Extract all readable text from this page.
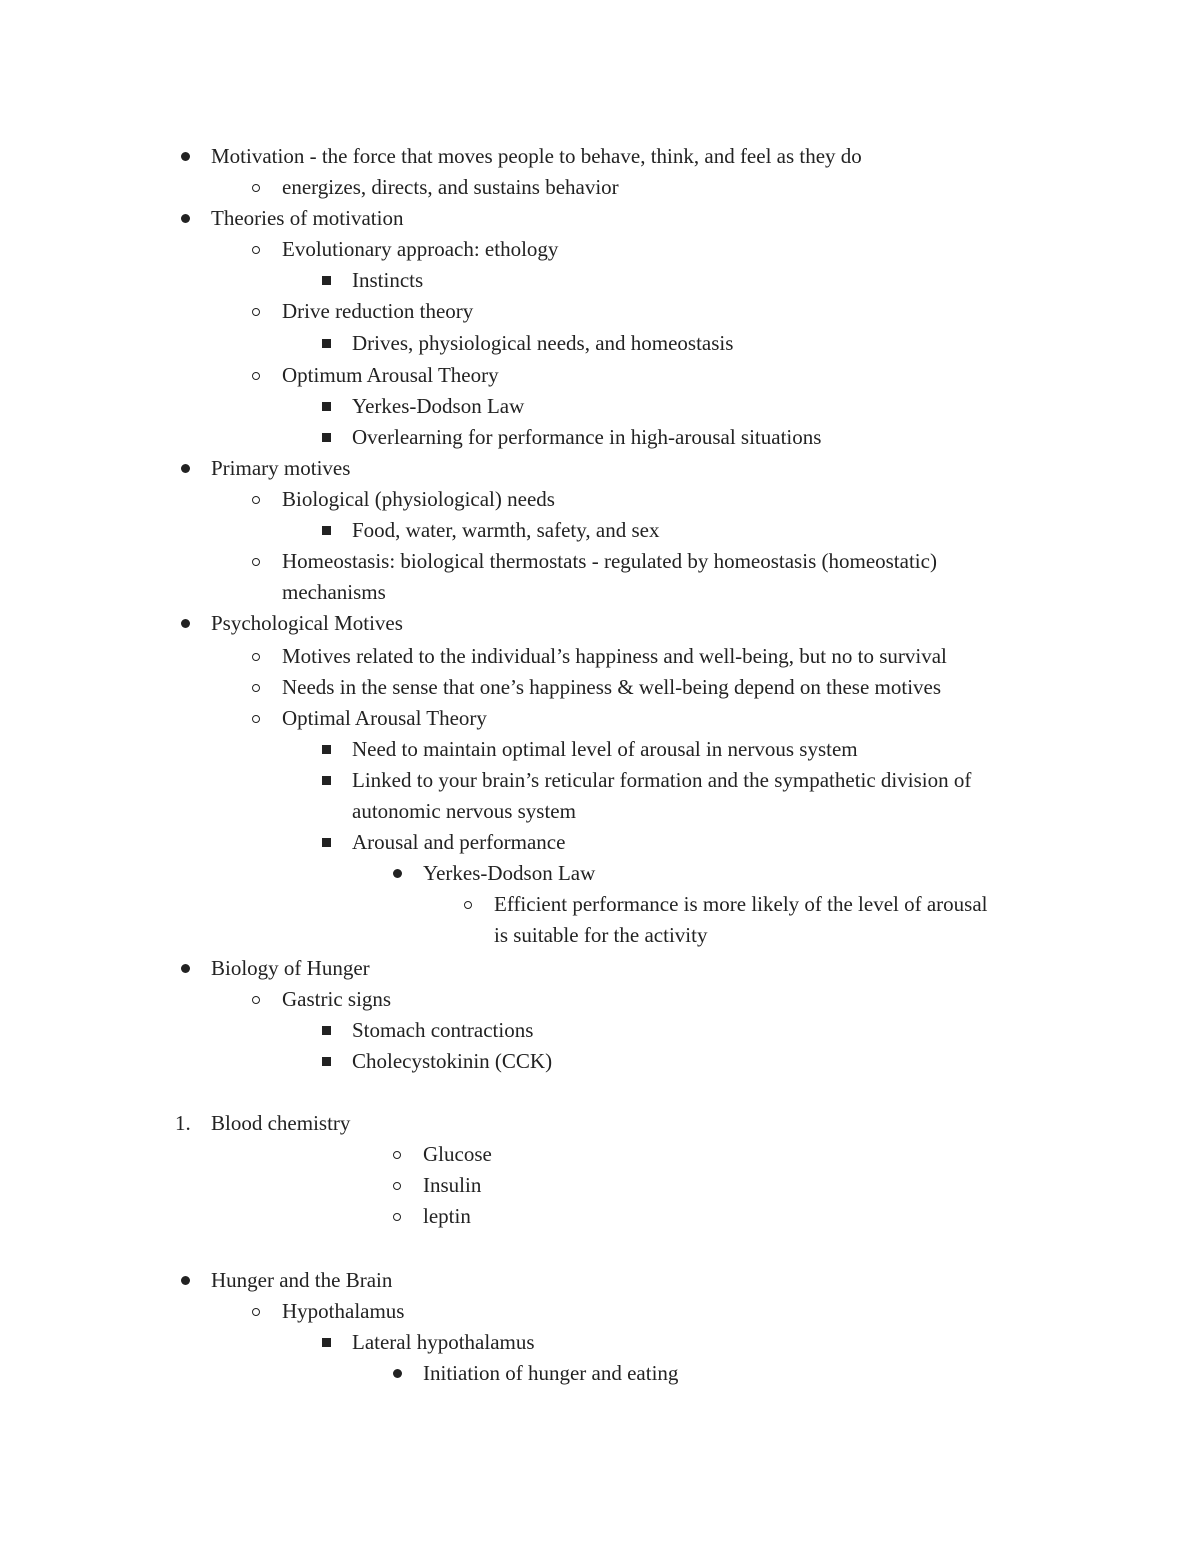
Motivation - the force that moves people to behave, think, and feel as they do
energizes, directs, and sustains behavior
Theories of motivation
Evolutionary approach: ethology
Instincts
Drive reduction theory
Drives, physiological needs, and homeostasis
Optimum Arousal Theory
Yerkes-Dodson Law
Overlearning for performance in high-arousal situations
Primary motives
Biological (physiological) needs
Food, water, warmth, safety, and sex
Homeostasis: biological thermostats - regulated by homeostasis (homeostatic)
mechanisms
Psychological Motives
Motives related to the individual’s happiness and well-being, but no to survival
Needs in the sense that one’s happiness & well-being depend on these motives
Optimal Arousal Theory
Need to maintain optimal level of arousal in nervous system
Linked to your brain’s reticular formation and the sympathetic division of
autonomic nervous system
Arousal and performance
Yerkes-Dodson Law
Efficient performance is more likely of the level of arousal
is suitable for the activity
Biology of Hunger
Gastric signs
Stomach contractions
Cholecystokinin (CCK)
1. Blood chemistry
Glucose
Insulin
leptin
Hunger and the Brain
Hypothalamus
Lateral hypothalamus
Initiation of hunger and eating
